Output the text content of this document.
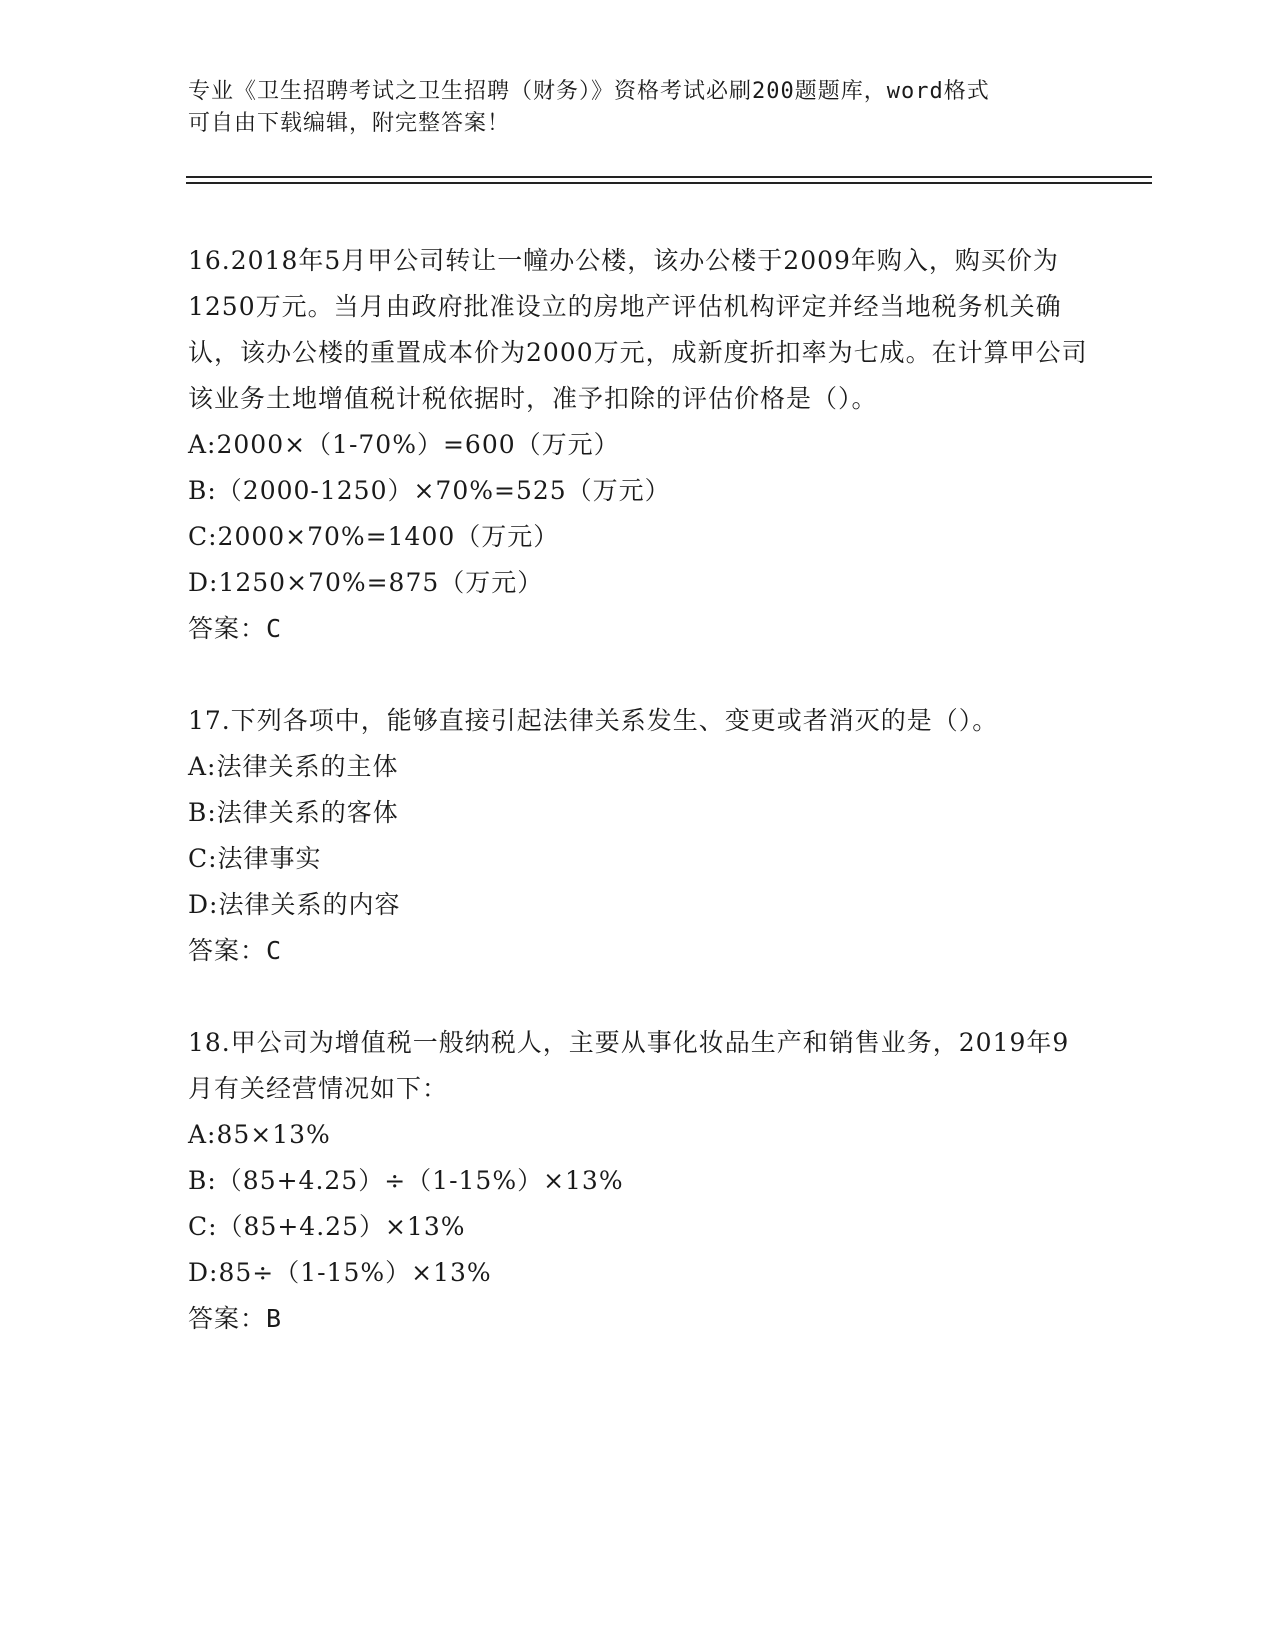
专业《卫生招聘考试之卫生招聘（财务）》资格考试必刷200题题库，word格式
可自由下载编辑，附完整答案！
16.2018年5月甲公司转让一幢办公楼，该办公楼于2009年购入，购买价为1250万元。当月由政府批准设立的房地产评估机构评定并经当地税务机关确认，该办公楼的重置成本价为2000万元，成新度折扣率为七成。在计算甲公司该业务土地增值税计税依据时，准予扣除的评估价格是（）。
A:2000×（1-70%）=600（万元）
B:（2000-1250）×70%=525（万元）
C:2000×70%=1400（万元）
D:1250×70%=875（万元）
答案：C
17.下列各项中，能够直接引起法律关系发生、变更或者消灭的是（）。
A:法律关系的主体
B:法律关系的客体
C:法律事实
D:法律关系的内容
答案：C
18.甲公司为增值税一般纳税人，主要从事化妆品生产和销售业务，2019年9月有关经营情况如下：
A:85×13%
B:（85+4.25）÷（1-15%）×13%
C:（85+4.25）×13%
D:85÷（1-15%）×13%
答案：B
